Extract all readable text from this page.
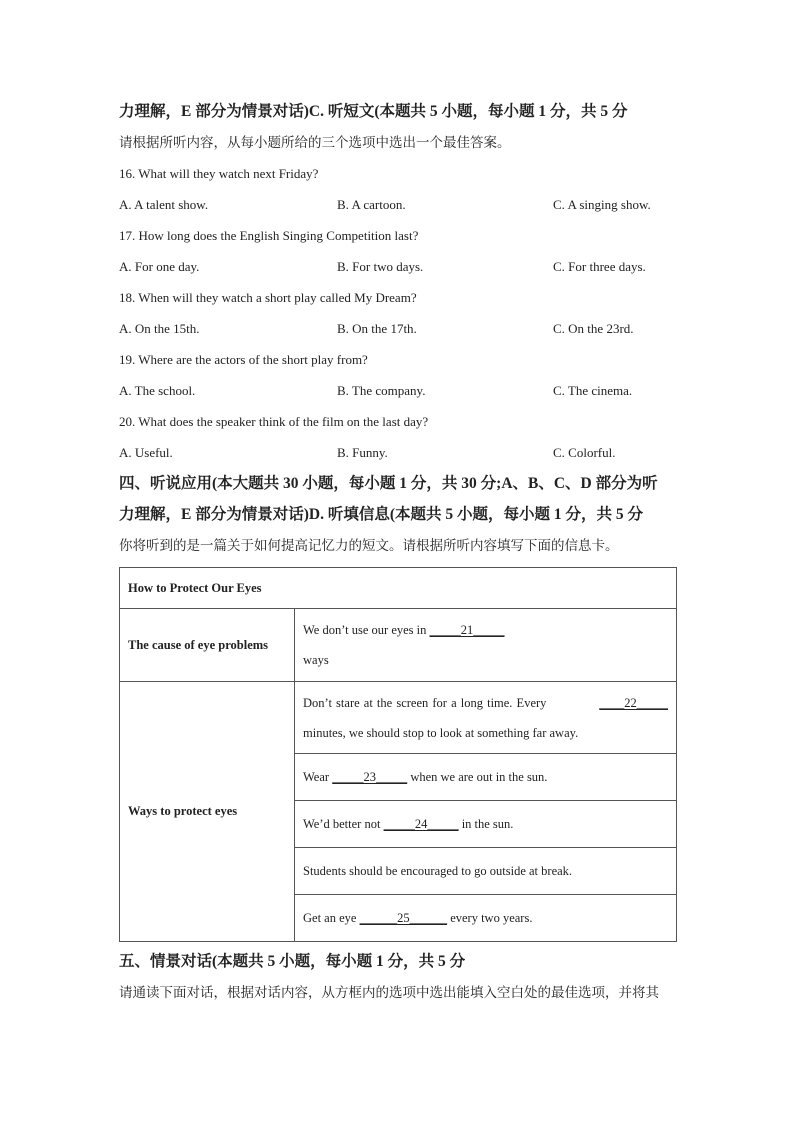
力理解，E 部分为情景对话)C. 听短文(本题共 5 小题，每小题 1 分，共 5 分
请根据所听内容，从每小题所给的三个选项中选出一个最佳答案。
16. What will they watch next Friday?
A. A talent show.	B. A cartoon.	C. A singing show.
17. How long does the English Singing Competition last?
A. For one day.	B. For two days.	C. For three days.
18. When will they watch a short play called My Dream?
A. On the 15th.	B. On the 17th.	C. On the 23rd.
19. Where are the actors of the short play from?
A. The school.	B. The company.	C. The cinema.
20. What does the speaker think of the film on the last day?
A. Useful.	B. Funny.	C. Colorful.
四、听说应用(本大题共 30 小题，每小题 1 分，共 30 分;A、B、C、D 部分为听
力理解，E 部分为情景对话)D. 听填信息(本题共 5 小题，每小题 1 分，共 5 分
你将听到的是一篇关于如何提高记忆力的短文。请根据所听内容填写下面的信息卡。
How to Protect Our Eyes	
The cause of eye problems	We don’t use our eyes in _____21_____
ways

Ways to protect eyes	Don’t stare at the screen for a long time. Every ____22_____
minutes, we should stop to look at something far away.

	Wear _____23_____ when we are out in the sun.
	We’d better not _____24_____ in the sun.
	Students should be encouraged to go outside at break.
	Get an eye ______25______ every two years.
五、情景对话(本题共 5 小题，每小题 1 分，共 5 分
请通读下面对话，根据对话内容，从方框内的选项中选出能填入空白处的最佳选项，并将其
